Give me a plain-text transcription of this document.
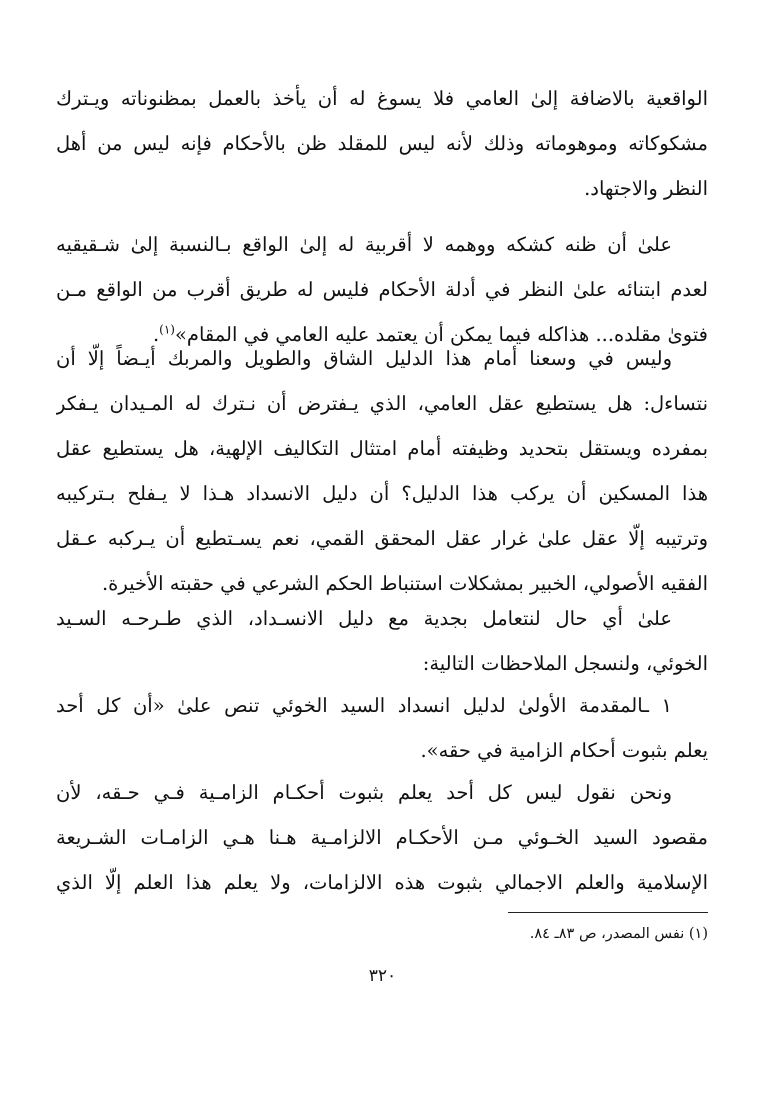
الواقعية بالاضافة إلىٰ العامي فلا يسوغ له أن يأخذ بالعمل بمظنوناته ويـترك
مشكوكاته وموهوماته وذلك لأنه ليس للمقلد ظن بالأحكام فإنه ليس من أهل
النظر والاجتهاد.
علىٰ أن ظنه كشكه ووهمه لا أقربية له إلىٰ الواقع بـالنسبة إلىٰ شـقيقيه
لعدم ابتنائه علىٰ النظر في أدلة الأحكام فليس له طريق أقرب من الواقع مـن
فتوىٰ مقلده... هذاكله فيما يمكن أن يعتمد عليه العامي في المقام»$^{(١)}$.
وليس في وسعنا أمام هذا الدليل الشاق والطويل والمربك أيـضاً إلّا أن
نتساءل: هل يستطيع عقل العامي، الذي يـفترض أن نـترك له المـيدان يـفكر
بمفرده ويستقل بتحديد وظيفته أمام امتثال التكاليف الإلهية، هل يستطيع عقل
هذا المسكين أن يركب هذا الدليل؟ أن دليل الانسداد هـذا لا يـفلح بـتركيبه
وترتيبه إلّا عقل علىٰ غرار عقل المحقق القمي، نعم يسـتطيع أن يـركبه عـقل
الفقيه الأصولي، الخبير بمشكلات استنباط الحكم الشرعي في حقبته الأخيرة.
علىٰ أي حال لنتعامل بجدية مع دليل الانسـداد، الذي طـرحـه السـيد
الخوئي، ولنسجل الملاحظات التالية:
١ ـالمقدمة الأولىٰ لدليل انسداد السيد الخوئي تنص علىٰ «أن كل أحد
يعلم بثبوت أحكام الزامية في حقه».
ونحن نقول ليس كل أحد يعلم بثبوت أحكـام الزامـية فـي حـقه، لأن
مقصود السيد الخـوئي مـن الأحكـام الالزامـية هـنا هـي الزامـات الشـريعة
الإسلامية والعلم الاجمالي بثبوت هذه الالزامات، ولا يعلم هذا العلم إلّا الذي
(١) نفس المصدر، ص ٨٣ـ ٨٤.
٣٢٠
